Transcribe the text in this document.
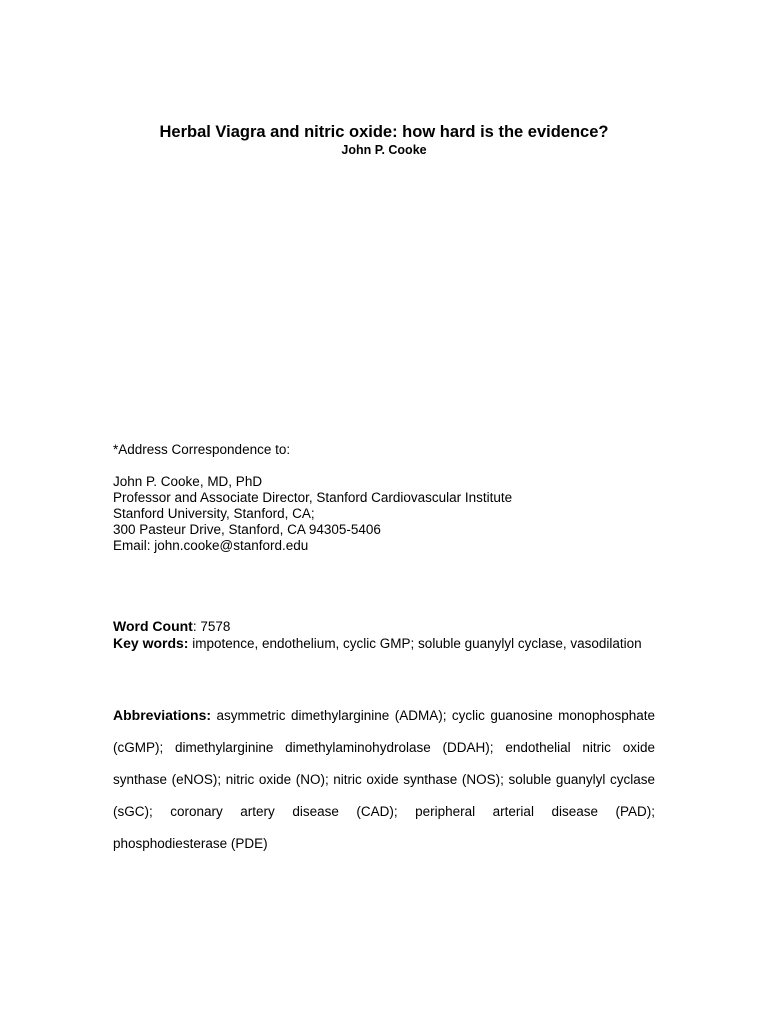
Herbal Viagra and nitric oxide: how hard is the evidence?
John P. Cooke
*Address Correspondence to:
John P. Cooke, MD, PhD
Professor and Associate Director, Stanford Cardiovascular Institute
Stanford University, Stanford, CA;
300 Pasteur Drive, Stanford, CA 94305-5406
Email: john.cooke@stanford.edu
Word Count: 7578
Key words: impotence, endothelium, cyclic GMP; soluble guanylyl cyclase, vasodilation
Abbreviations: asymmetric dimethylarginine (ADMA); cyclic guanosine monophosphate (cGMP); dimethylarginine dimethylaminohydrolase (DDAH); endothelial nitric oxide synthase (eNOS); nitric oxide (NO); nitric oxide synthase (NOS); soluble guanylyl cyclase (sGC); coronary artery disease (CAD); peripheral arterial disease (PAD); phosphodiesterase (PDE)
